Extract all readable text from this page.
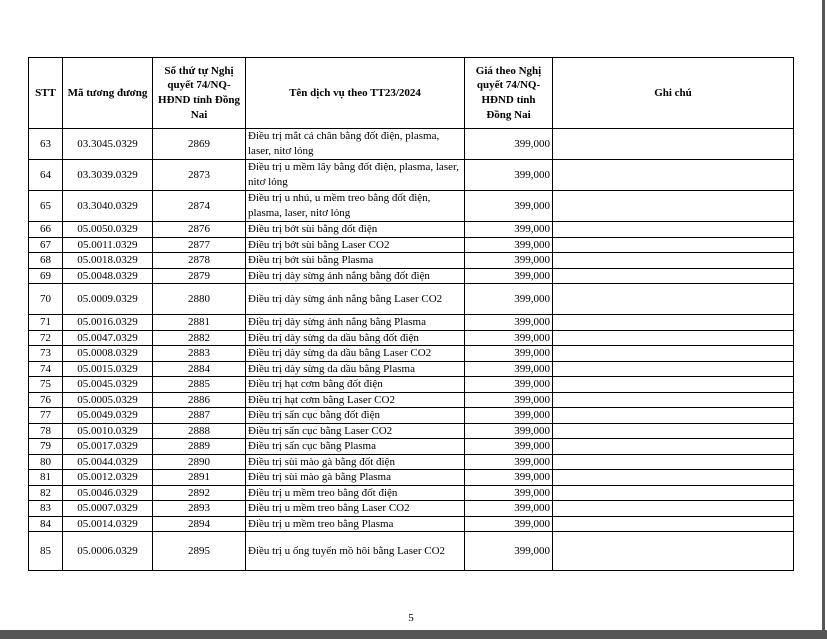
STT	Mã tương đương	Số thứ tự Nghị quyết 74/NQ-HĐND tỉnh Đồng Nai	Tên dịch vụ theo TT23/2024	Giá theo Nghị quyết 74/NQ-HĐND tỉnh Đồng Nai	Ghi chú
63	03.3045.0329	2869	Điều trị mắt cá chân bằng đốt điện, plasma, laser, nitơ lỏng	399,000	
64	03.3039.0329	2873	Điều trị u mềm lây bằng đốt điện, plasma, laser, nitơ lỏng	399,000	
65	03.3040.0329	2874	Điều trị u nhú, u mềm treo bằng đốt điện, plasma, laser, nitơ lỏng	399,000	
66	05.0050.0329	2876	Điều trị bớt sùi bằng đốt điện	399,000	
67	05.0011.0329	2877	Điều trị bớt sùi bằng Laser CO2	399,000	
68	05.0018.0329	2878	Điều trị bớt sùi bằng Plasma	399,000	
69	05.0048.0329	2879	Điều trị dày sừng ánh nắng bằng đốt điện	399,000	
70	05.0009.0329	2880	Điều trị dày sừng ánh nắng bằng Laser CO2	399,000	
71	05.0016.0329	2881	Điều trị dày sừng ánh nắng bằng Plasma	399,000	
72	05.0047.0329	2882	Điều trị dày sừng da dầu bằng đốt điện	399,000	
73	05.0008.0329	2883	Điều trị dày sừng da dầu bằng Laser CO2	399,000	
74	05.0015.0329	2884	Điều trị dày sừng da dầu bằng Plasma	399,000	
75	05.0045.0329	2885	Điều trị hạt cơm bằng đốt điện	399,000	
76	05.0005.0329	2886	Điều trị hạt cơm bằng Laser CO2	399,000	
77	05.0049.0329	2887	Điều trị sẩn cục bằng đốt điện	399,000	
78	05.0010.0329	2888	Điều trị sẩn cục bằng Laser CO2	399,000	
79	05.0017.0329	2889	Điều trị sẩn cục bằng Plasma	399,000	
80	05.0044.0329	2890	Điều trị sùi mào gà bằng đốt điện	399,000	
81	05.0012.0329	2891	Điều trị sùi mào gà bằng Plasma	399,000	
82	05.0046.0329	2892	Điều trị u mềm treo bằng đốt điện	399,000	
83	05.0007.0329	2893	Điều trị u mềm treo bằng Laser CO2	399,000	
84	05.0014.0329	2894	Điều trị u mềm treo bằng Plasma	399,000	
85	05.0006.0329	2895	Điều trị u ống tuyến mồ hôi bằng Laser CO2	399,000	
5
